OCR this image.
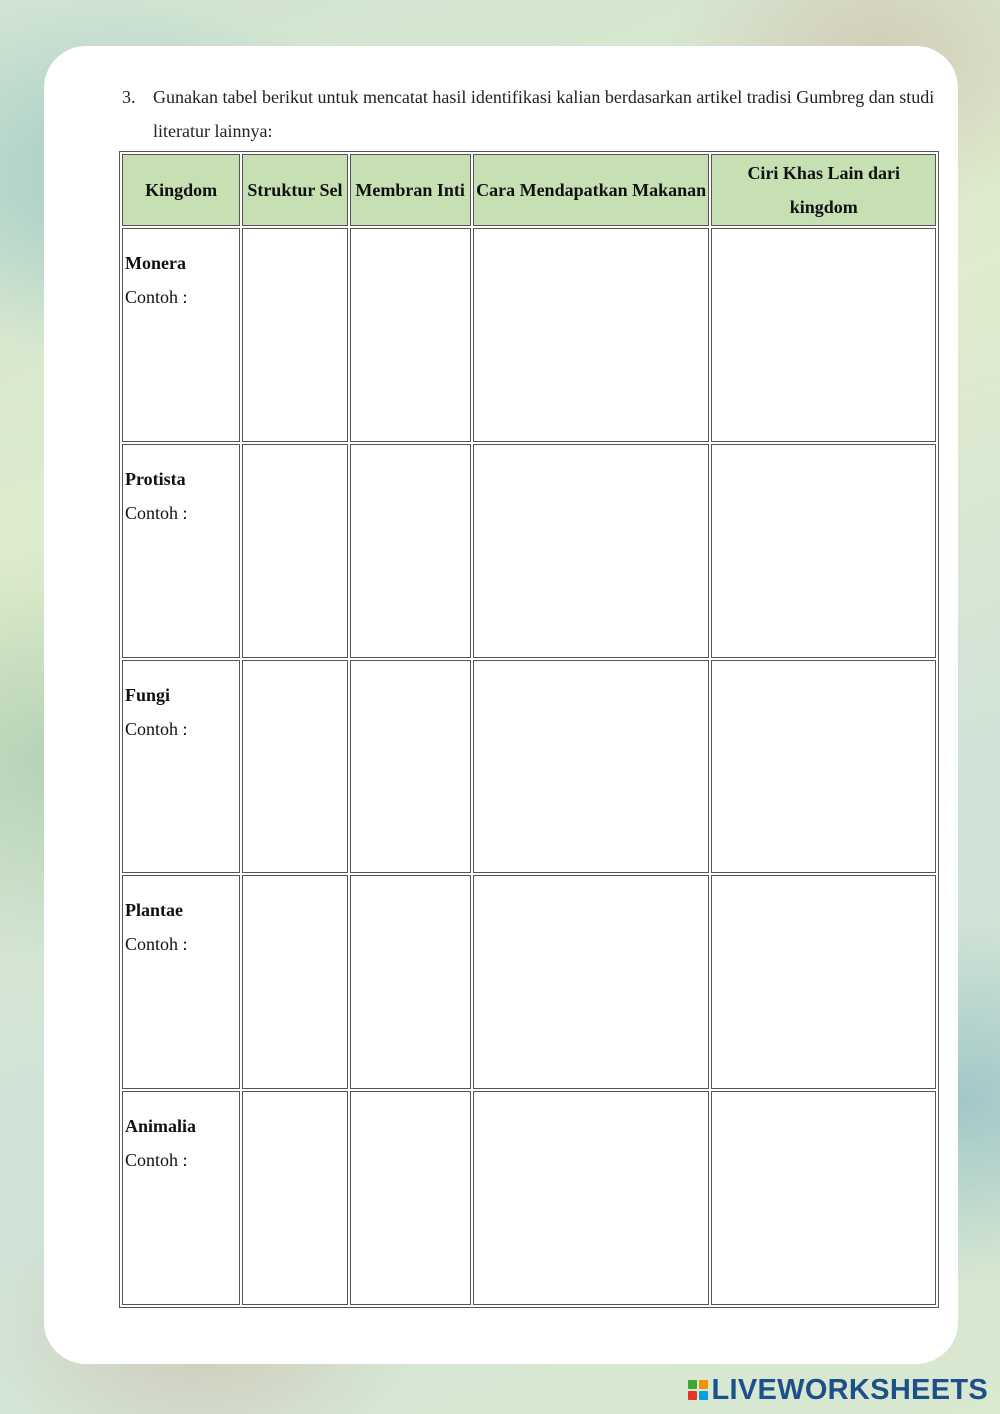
3. Gunakan tabel berikut untuk mencatat hasil identifikasi kalian berdasarkan artikel tradisi Gumbreg dan studi literatur lainnya:
Kingdom	Struktur Sel	Membran Inti	Cara Mendapatkan Makanan	Ciri Khas Lain dari kingdom

Monera
Contoh :				

Protista
Contoh :				

Fungi
Contoh :				

Plantae
Contoh :				

Animalia
Contoh :				

LIVEWORKSHEETS
